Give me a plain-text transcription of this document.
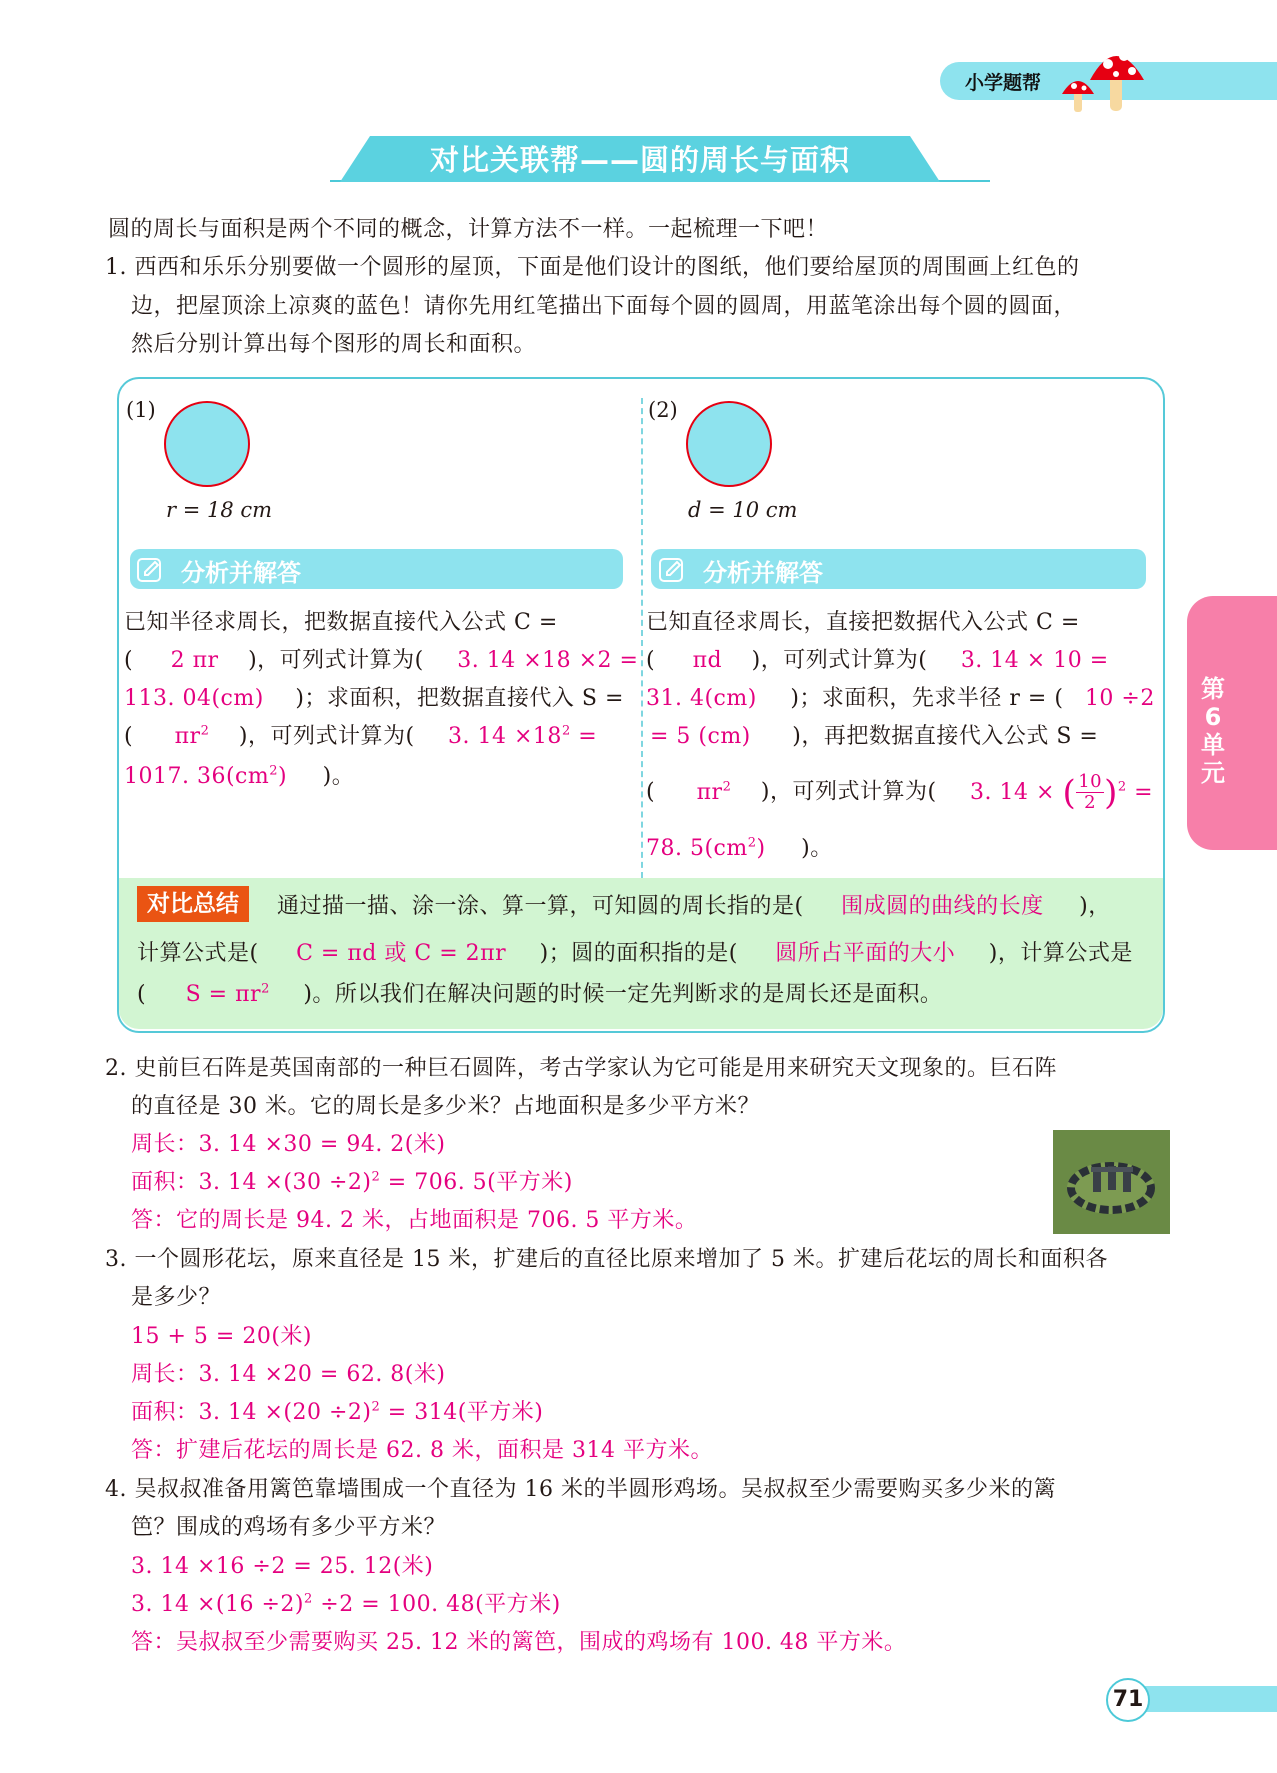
小学题帮
对比关联帮——圆的周长与面积
圆的周长与面积是两个不同的概念，计算方法不一样。一起梳理一下吧！
1. 西西和乐乐分别要做一个圆形的屋顶，下面是他们设计的图纸，他们要给屋顶的周围画上红色的
边，把屋顶涂上凉爽的蓝色！请你先用红笔描出下面每个圆的圆周，用蓝笔涂出每个圆的圆面，
然后分别计算出每个图形的周长和面积。
(1)
r = 18 cm
分析并解答
已知半径求周长，把数据直接代入公式 C =
( 2 πr )，可列式计算为( 3. 14 ×18 ×2 =
113. 04(cm) )；求面积，把数据直接代入 S =
( $\pi r^2$ )，可列式计算为( 3. $14 \times 18^2$ =
1017. $36(cm^2)$ )。
(2)
d = 10 cm
分析并解答
已知直径求周长，直接把数据代入公式 C =
( πd )，可列式计算为( 3. 14 × 10 =
31. 4(cm) )；求面积，先求半径 r = ( 10 ÷2
= 5 (cm) )，再把数据直接代入公式 S =
( $\pi r^2$ )，可列式计算为( 3. 14 × ( $\frac{10}{2} )^2$ =
78. $5(cm^2)$ )。
对比总结	通过描一描、涂一涂、算一算，可知圆的周长指的是( 围成圆的曲线的长度 )，
计算公式是( C = πd 或 C = 2πr )；圆的面积指的是( 圆所占平面的大小 )，计算公式是
( $S = \pi r^2$ )。所以我们在解决问题的时候一定先判断求的是周长还是面积。
第6单元
2. 史前巨石阵是英国南部的一种巨石圆阵，考古学家认为它可能是用来研究天文现象的。巨石阵
的直径是 30 米。它的周长是多少米？占地面积是多少平方米？
周长：3. 14 ×30 = 94. 2(米)
面积：3. $14 \times(30 \div 2)^2 = 706$. 5(平方米)
答：它的周长是 94. 2 米，占地面积是 706. 5 平方米。
3. 一个圆形花坛，原来直径是 15 米，扩建后的直径比原来增加了 5 米。扩建后花坛的周长和面积各
是多少？
15 + 5 = 20(米)
周长：3. 14 ×20 = 62. 8(米)
面积：3. $14 \times(20 \div 2)^2 = 314$(平方米)
答：扩建后花坛的周长是 62. 8 米，面积是 314 平方米。
4. 吴叔叔准备用篱笆靠墙围成一个直径为 16 米的半圆形鸡场。吴叔叔至少需要购买多少米的篱
笆？围成的鸡场有多少平方米？
3. 14 ×16 ÷2 = 25. 12(米)
3. $14 \times(16 \div 2)^2 \div 2 = 100$. 48(平方米)
答：吴叔叔至少需要购买 25. 12 米的篱笆，围成的鸡场有 100. 48 平方米。
71
